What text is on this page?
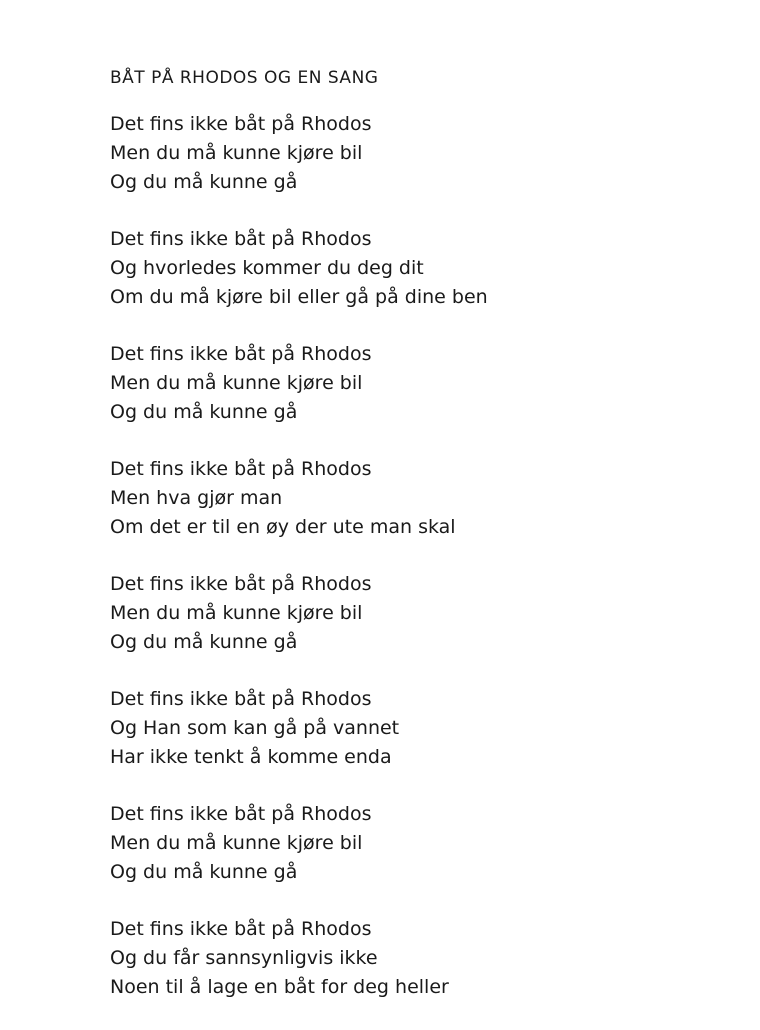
BÅT PÅ RHODOS OG EN SANG
Det fins ikke båt på Rhodos
Men du må kunne kjøre bil
Og du må kunne gå
Det fins ikke båt på Rhodos
Og hvorledes kommer du deg dit
Om du må kjøre bil eller gå på dine ben
Det fins ikke båt på Rhodos
Men du må kunne kjøre bil
Og du må kunne gå
Det fins ikke båt på Rhodos
Men hva gjør man
Om det er til en øy der ute man skal
Det fins ikke båt på Rhodos
Men du må kunne kjøre bil
Og du må kunne gå
Det fins ikke båt på Rhodos
Og Han som kan gå på vannet
Har ikke tenkt å komme enda
Det fins ikke båt på Rhodos
Men du må kunne kjøre bil
Og du må kunne gå
Det fins ikke båt på Rhodos
Og du får sannsynligvis ikke
Noen til å lage en båt for deg heller
